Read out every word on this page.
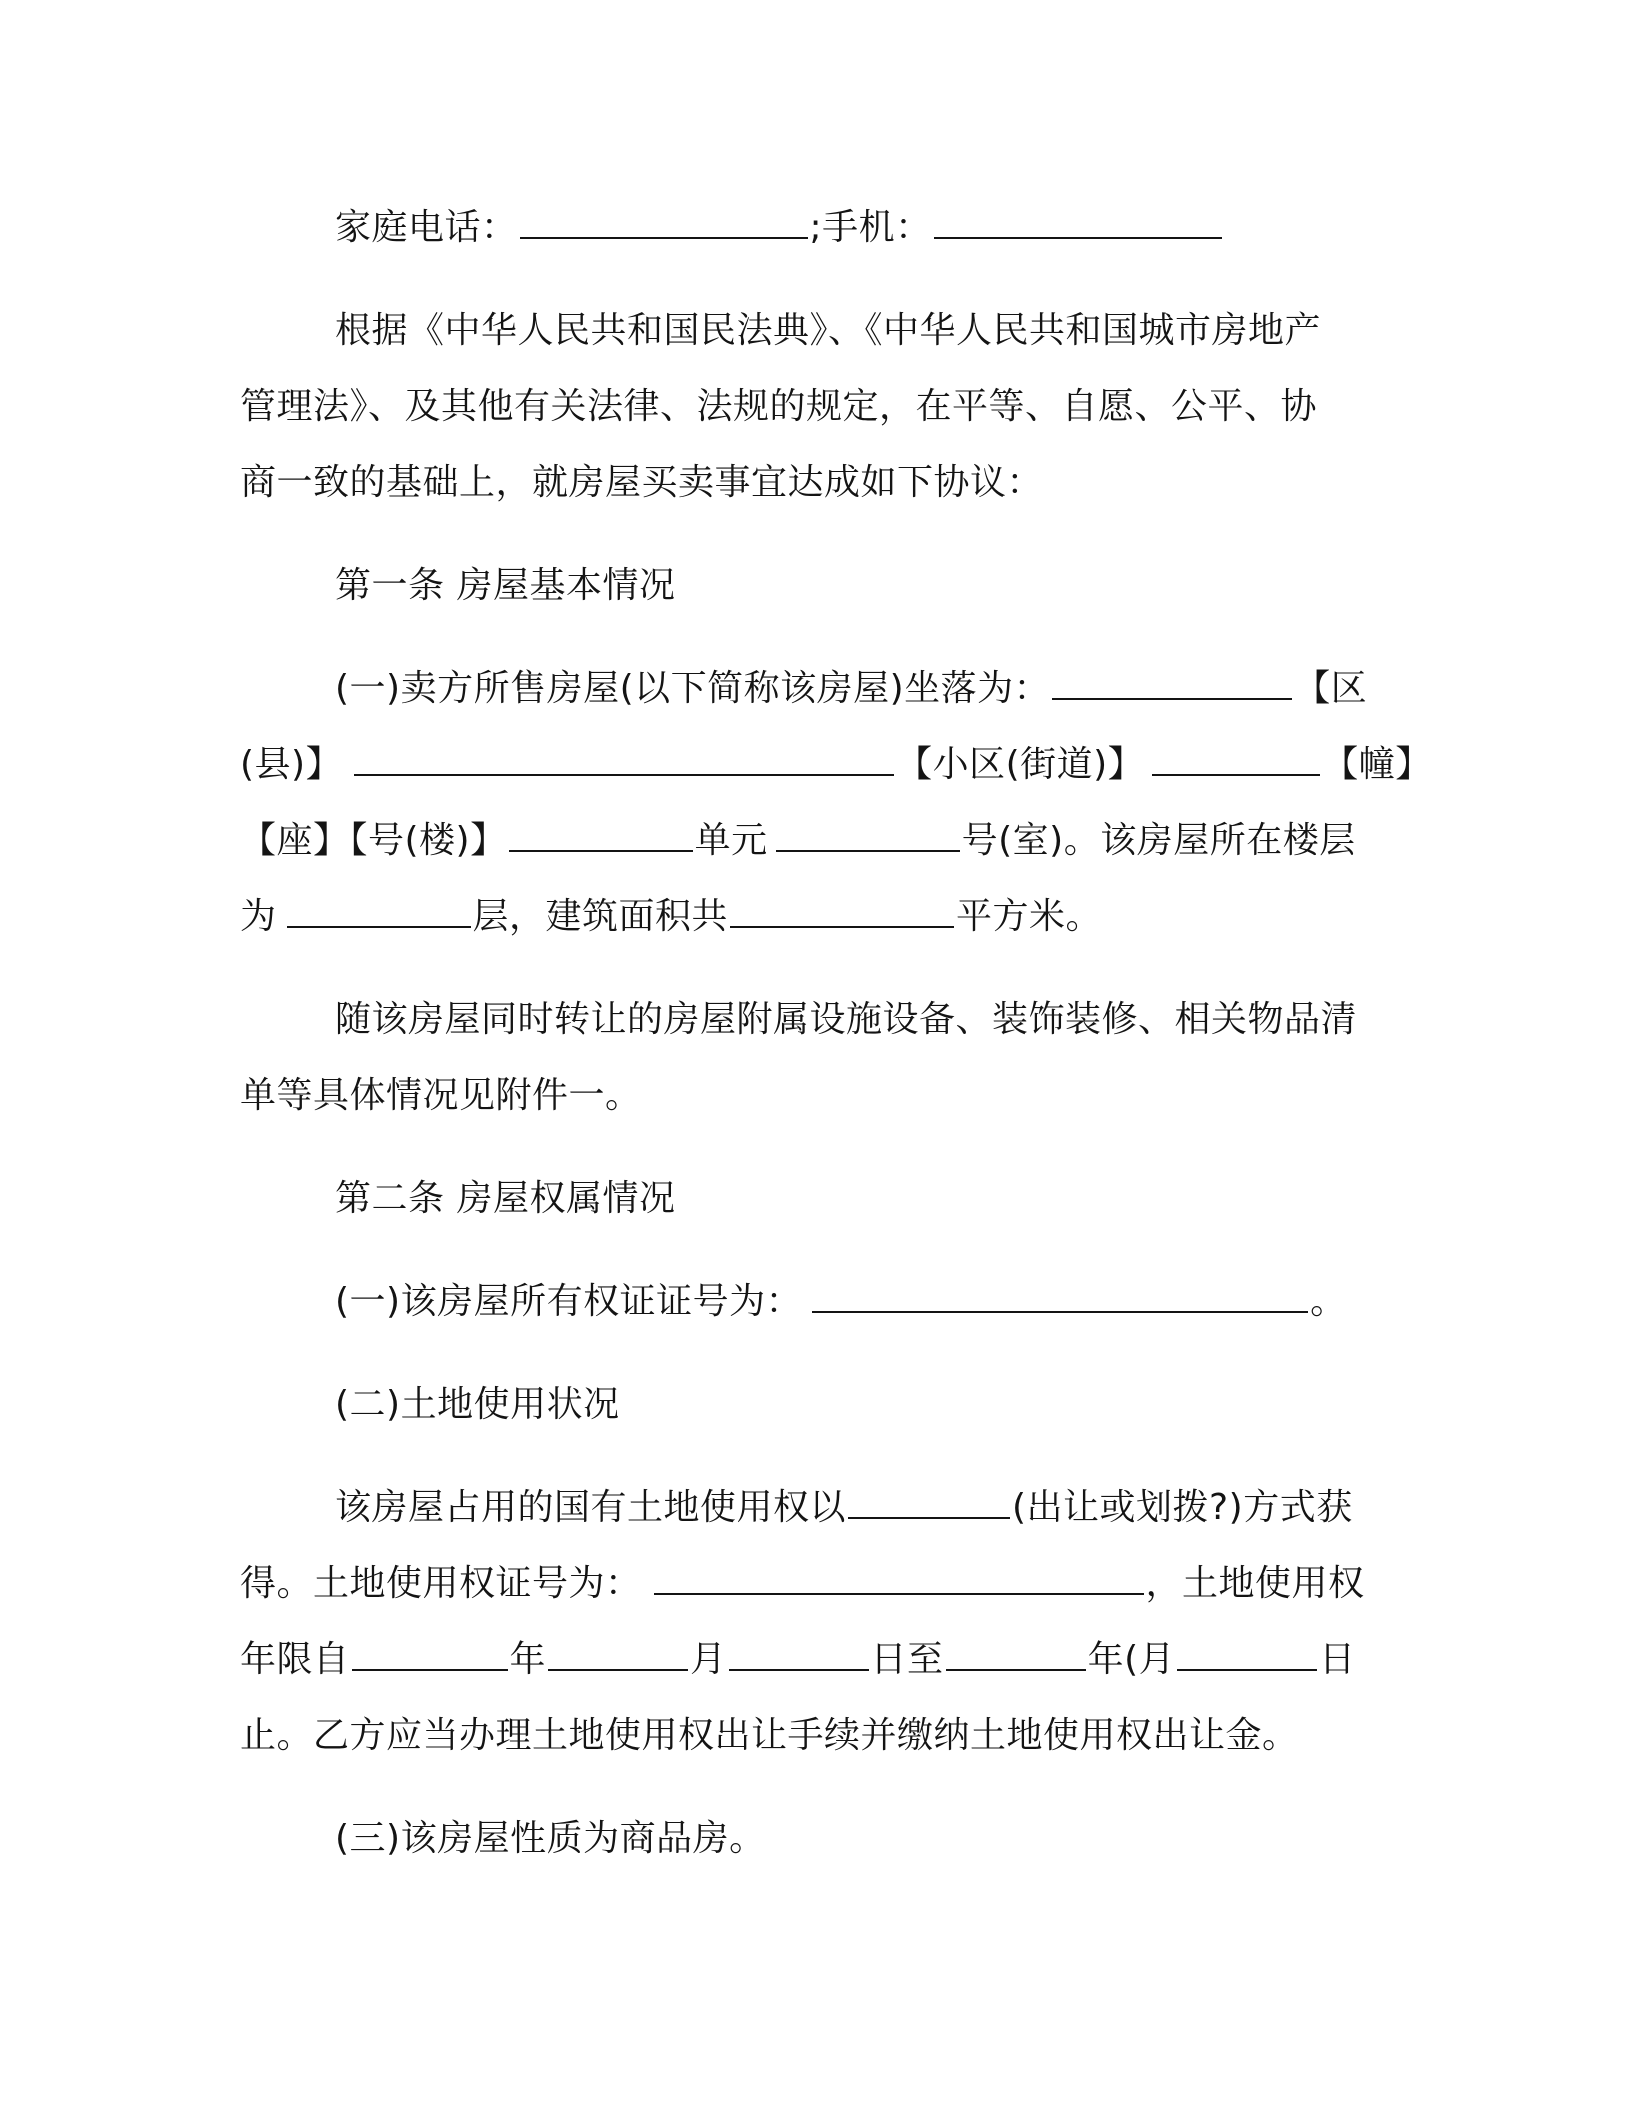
家庭电话：	;手机：
根据《中华人民共和国民法典》、《中华人民共和国城市房地产
管理法》、及其他有关法律、法规的规定，在平等、自愿、公平、协
商一致的基础上，就房屋买卖事宜达成如下协议：
第一条 房屋基本情况
(一)卖方所售房屋(以下简称该房屋)坐落为：	【区
(县)】	【小区(街道)】	【幢】
【座】【号(楼)】	单元	号(室)。该房屋所在楼层
为	层，建筑面积共	平方米。
随该房屋同时转让的房屋附属设施设备、装饰装修、相关物品清
单等具体情况见附件一。
第二条 房屋权属情况
(一)该房屋所有权证证号为：	。
(二)土地使用状况
该房屋占用的国有土地使用权以	(出让或划拨?)方式获
得。土地使用权证号为：	，土地使用权
年限自	年	月	日至	年(月	日
止。乙方应当办理土地使用权出让手续并缴纳土地使用权出让金。
(三)该房屋性质为商品房。
